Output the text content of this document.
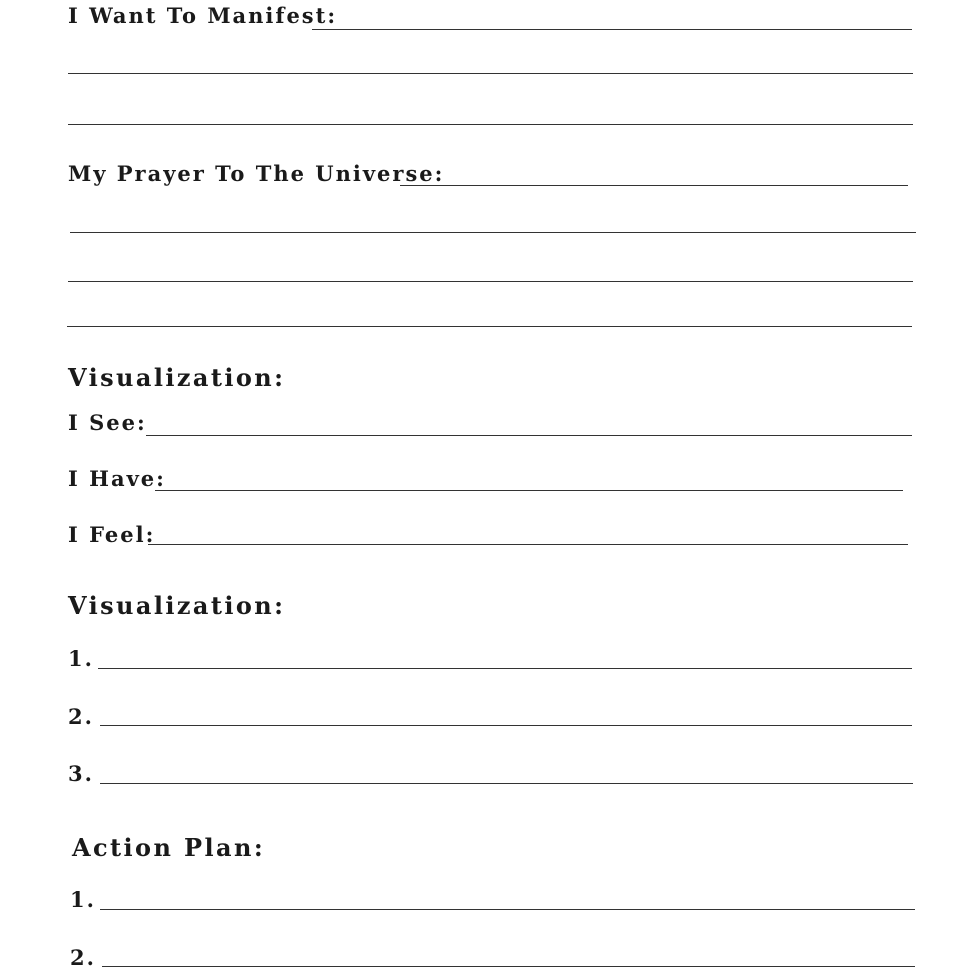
I Want To Manifest:
My Prayer To The Universe:
Visualization:
I See:
I Have:
I Feel:
Visualization:
1.
2.
3.
Action Plan:
1.
2.
